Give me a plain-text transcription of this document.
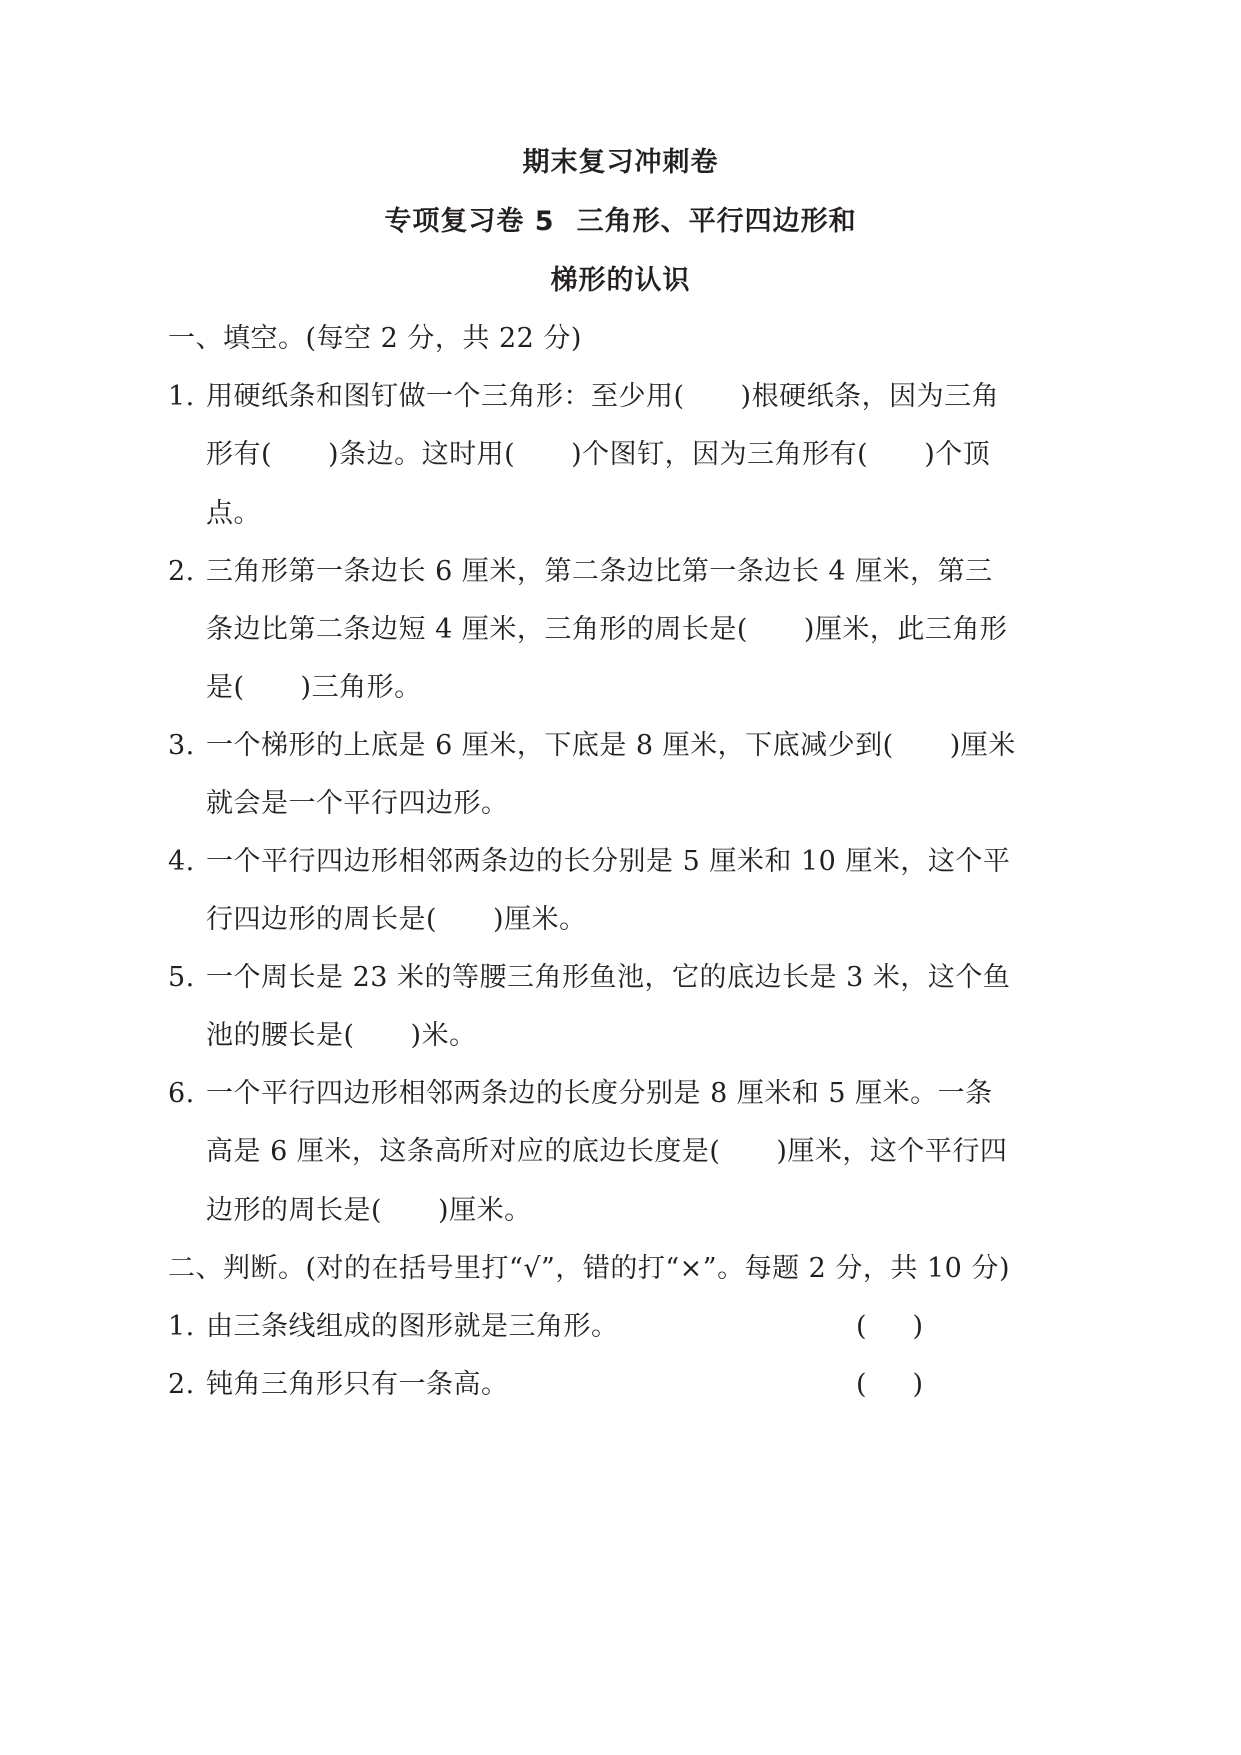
期末复习冲刺卷
专项复习卷 5 三角形、平行四边形和
梯形的认识
一、填空。(每空 2 分，共 22 分)
1. 用硬纸条和图钉做一个三角形：至少用( )根硬纸条，因为三角
形有( )条边。这时用( )个图钉，因为三角形有( )个顶
点。
2. 三角形第一条边长 6 厘米，第二条边比第一条边长 4 厘米，第三
条边比第二条边短 4 厘米，三角形的周长是( )厘米，此三角形
是( )三角形。
3. 一个梯形的上底是 6 厘米，下底是 8 厘米，下底减少到( )厘米
就会是一个平行四边形。
4. 一个平行四边形相邻两条边的长分别是 5 厘米和 10 厘米，这个平
行四边形的周长是( )厘米。
5. 一个周长是 23 米的等腰三角形鱼池，它的底边长是 3 米，这个鱼
池的腰长是( )米。
6. 一个平行四边形相邻两条边的长度分别是 8 厘米和 5 厘米。一条
高是 6 厘米，这条高所对应的底边长度是( )厘米，这个平行四
边形的周长是( )厘米。
二、判断。(对的在括号里打“√”，错的打“×”。每题 2 分，共 10 分)
1. 由三条线组成的图形就是三角形。	( )
2. 钝角三角形只有一条高。	( )
